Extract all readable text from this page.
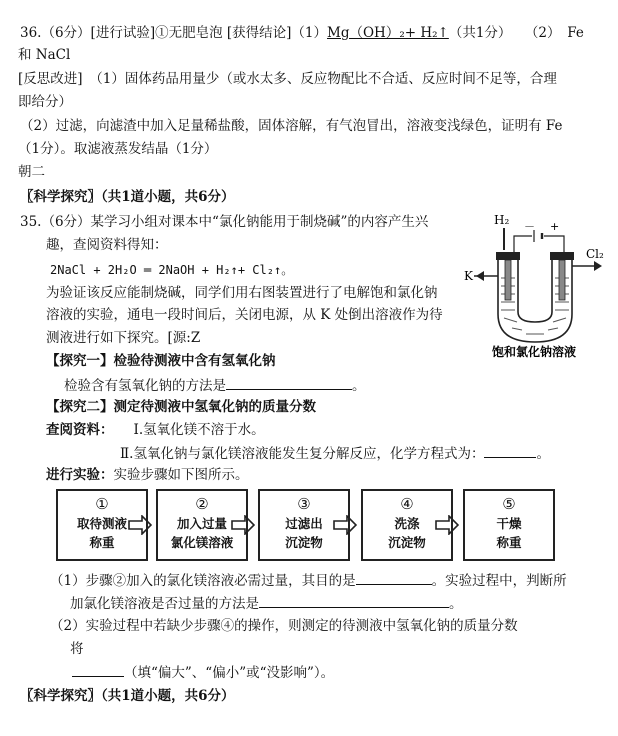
36.（6分）[进行试验]①无肥皂泡 [获得结论]（1）Mg（OH）₂+ H₂↑（共1分）　　（2）　Fe
和 NaCl
[反思改进]　（1）固体药品用量少（或水太多、反应物配比不合适、反应时间不足等，合理
即给分）
（2）过滤，向滤渣中加入足量稀盐酸，固体溶解，有气泡冒出，溶液变浅绿色，证明有 Fe
（1分）。取滤液蒸发结晶（1分）
朝二
〖科学探究〗（共1道小题，共6分）
35.（6分）某学习小组对课本中“氯化钠能用于制烧碱”的内容产生兴
趣，查阅资料得知：
2NaCl + 2H₂O ═ 2NaOH + H₂↑+ Cl₂↑。
为验证该反应能制烧碱，同学们用右图装置进行了电解饱和氯化钠
溶液的实验，通电一段时间后，关闭电源，从 K 处倒出溶液作为待
测液进行如下探究。[源:Z
【探究一】检验待测液中含有氢氧化钠
检验含有氢氧化钠的方法是	。
【探究二】测定待测液中氢氧化钠的质量分数
查阅资料： Ⅰ.氢氧化镁不溶于水。
Ⅱ.氢氧化钠与氯化镁溶液能发生复分解反应，化学方程式为：	。
进行实验：实验步骤如下图所示。
①
取待测液
称重
②
加入过量
氯化镁溶液
③
过滤出
沉淀物
④
洗涤
沉淀物
⑤
干燥
称重
（1）步骤②加入的氯化镁溶液必需过量，其目的是	。实验过程中，判断所
加氯化镁溶液是否过量的方法是	。
（2）实验过程中若缺少步骤④的操作，则测定的待测液中氢氧化钠的质量分数
将
（填“偏大”、“偏小”或“没影响”）。
〖科学探究〗（共1道小题，共6分）
H₂ － +
K
Cl₂
饱和氯化钠溶液
